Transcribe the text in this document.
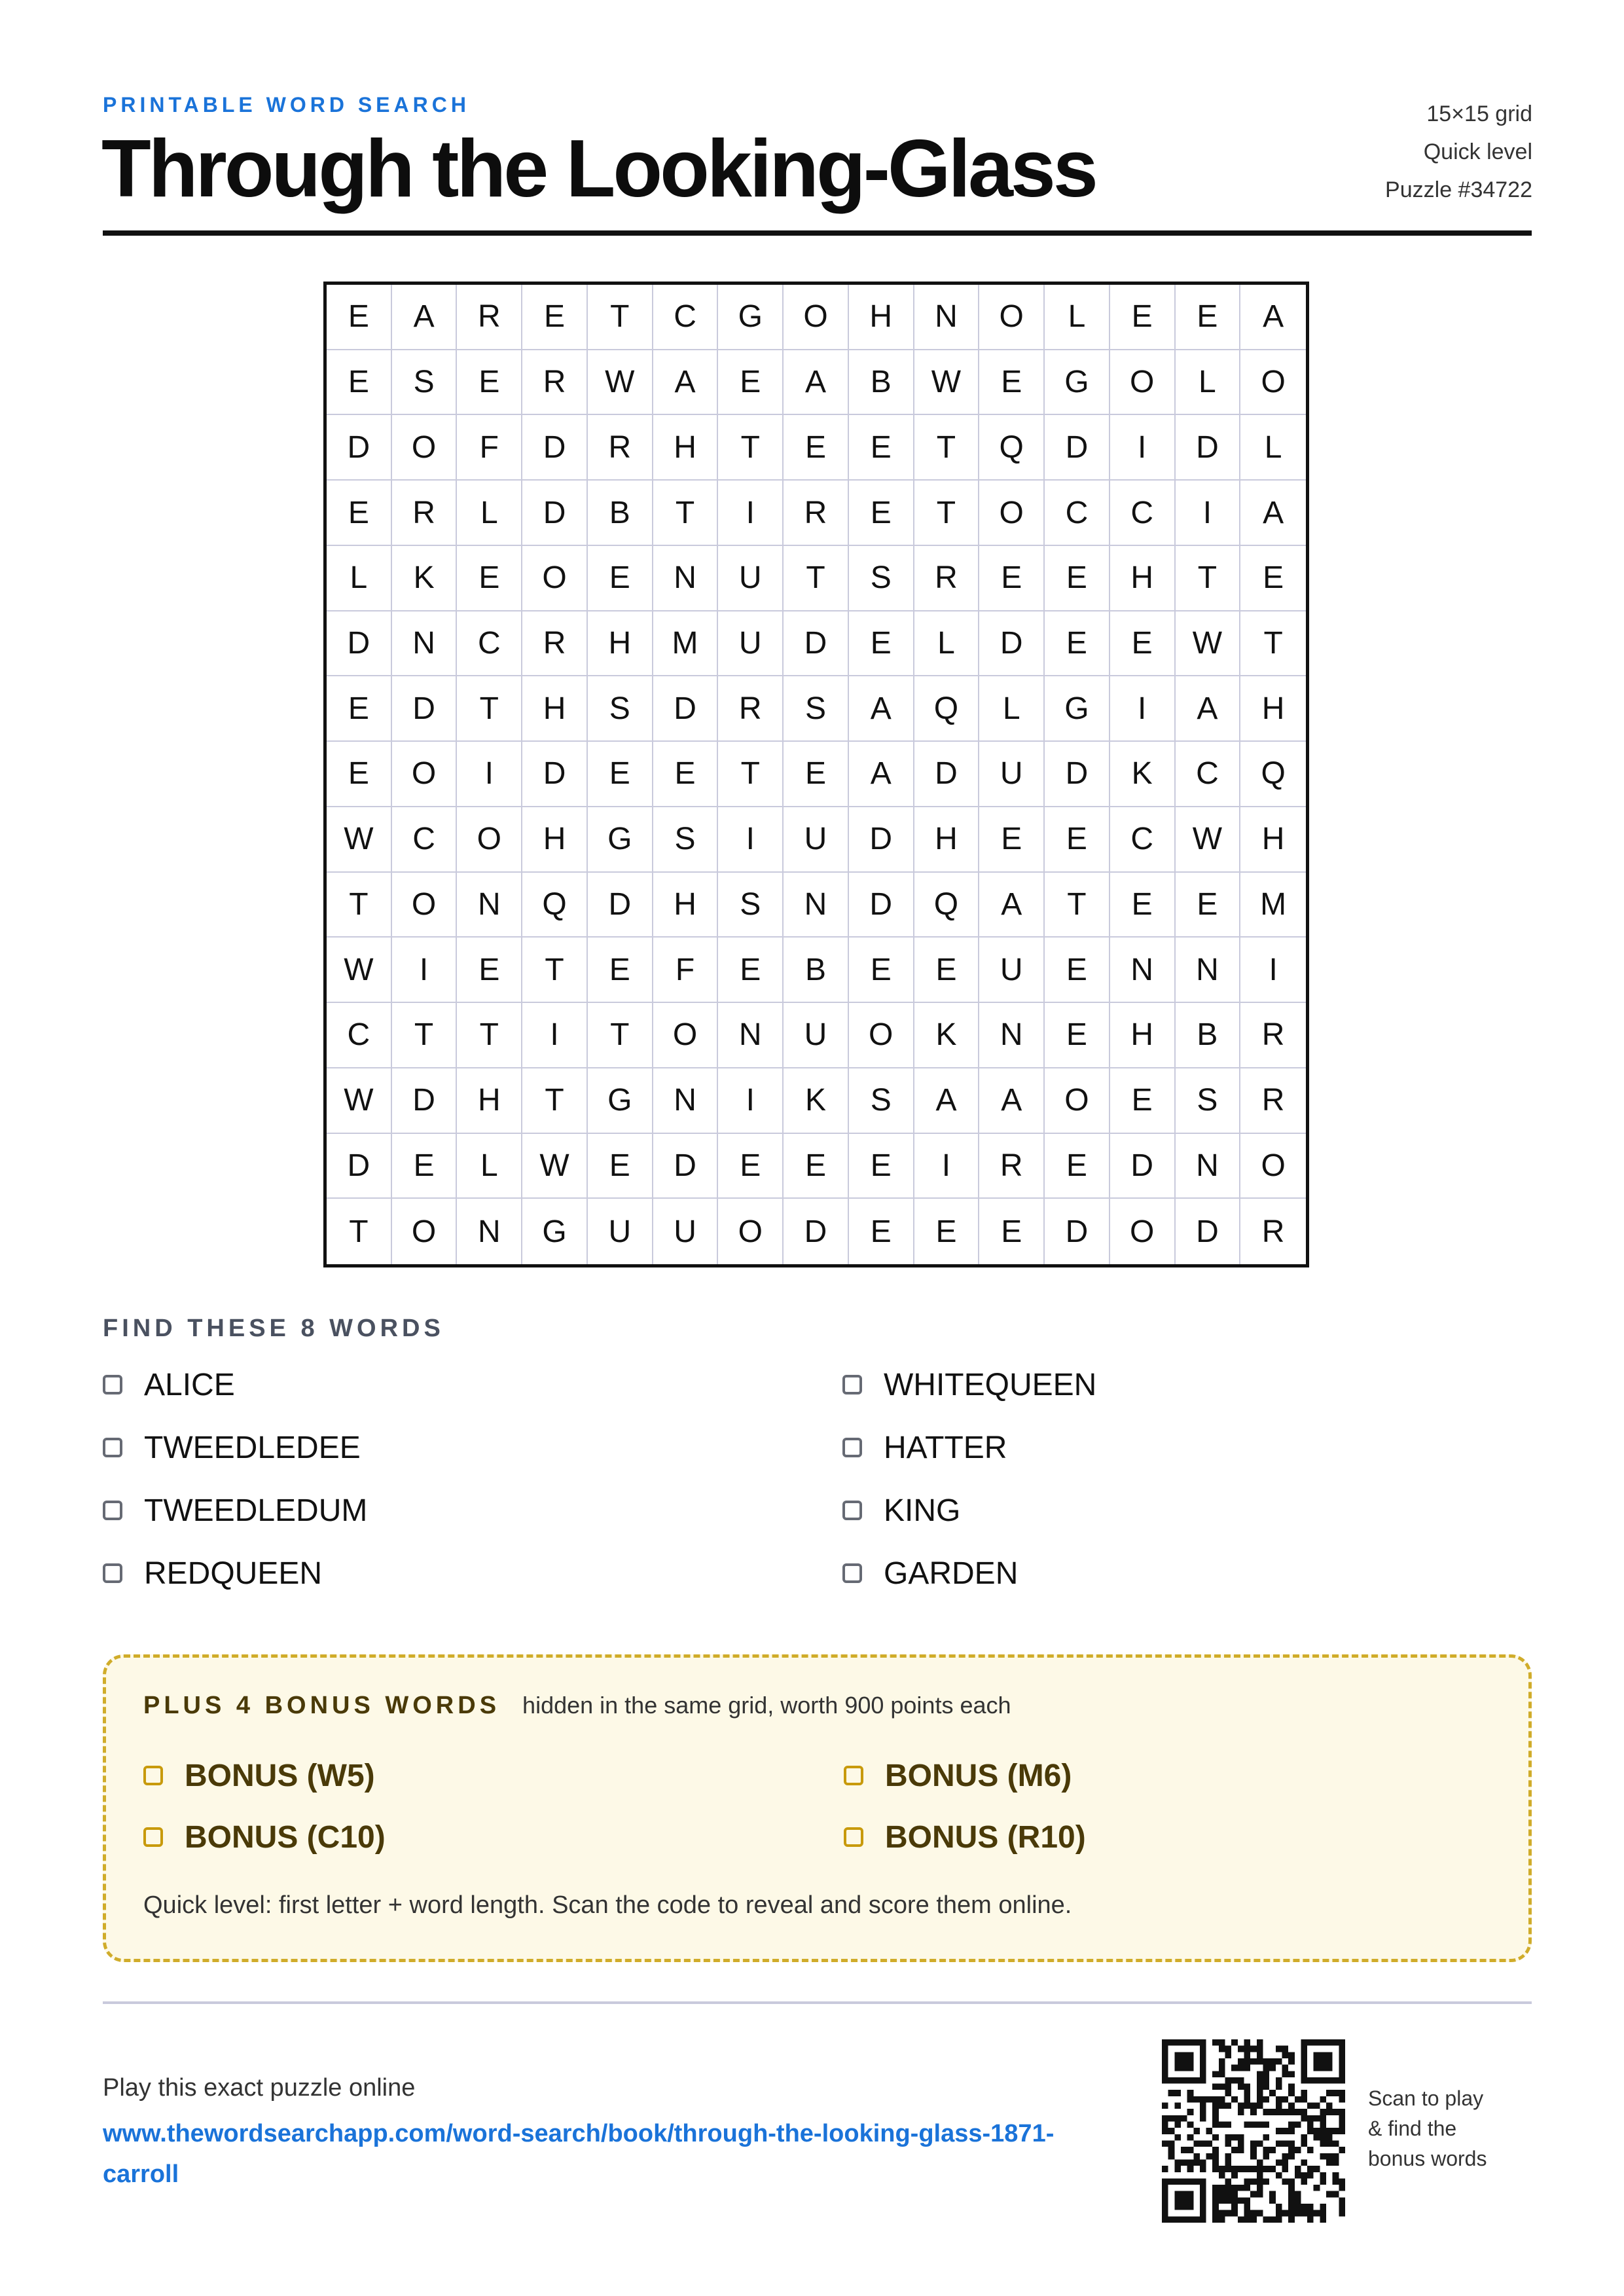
PRINTABLE WORD SEARCH
Through the Looking-Glass
15×15 grid
Quick level
Puzzle #34722
E	A	R	E	T	C	G	O	H	N	O	L	E	E	A
E	S	E	R	W	A	E	A	B	W	E	G	O	L	O
D	O	F	D	R	H	T	E	E	T	Q	D	I	D	L
E	R	L	D	B	T	I	R	E	T	O	C	C	I	A
L	K	E	O	E	N	U	T	S	R	E	E	H	T	E
D	N	C	R	H	M	U	D	E	L	D	E	E	W	T
E	D	T	H	S	D	R	S	A	Q	L	G	I	A	H
E	O	I	D	E	E	T	E	A	D	U	D	K	C	Q
W	C	O	H	G	S	I	U	D	H	E	E	C	W	H
T	O	N	Q	D	H	S	N	D	Q	A	T	E	E	M
W	I	E	T	E	F	E	B	E	E	U	E	N	N	I
C	T	T	I	T	O	N	U	O	K	N	E	H	B	R
W	D	H	T	G	N	I	K	S	A	A	O	E	S	R
D	E	L	W	E	D	E	E	E	I	R	E	D	N	O
T	O	N	G	U	U	O	D	E	E	E	D	O	D	R
FIND THESE 8 WORDS
ALICE	WHITEQUEEN
TWEEDLEDEE	HATTER
TWEEDLEDUM	KING
REDQUEEN	GARDEN
PLUS 4 BONUS WORDS hidden in the same grid, worth 900 points each
BONUS (W5)	BONUS (M6)
BONUS (C10)	BONUS (R10)
Quick level: first letter + word length. Scan the code to reveal and score them online.
Play this exact puzzle online
www.thewordsearchapp.com/word-search/book/through-the-looking-glass-1871-carroll
Scan to play & find the bonus words
